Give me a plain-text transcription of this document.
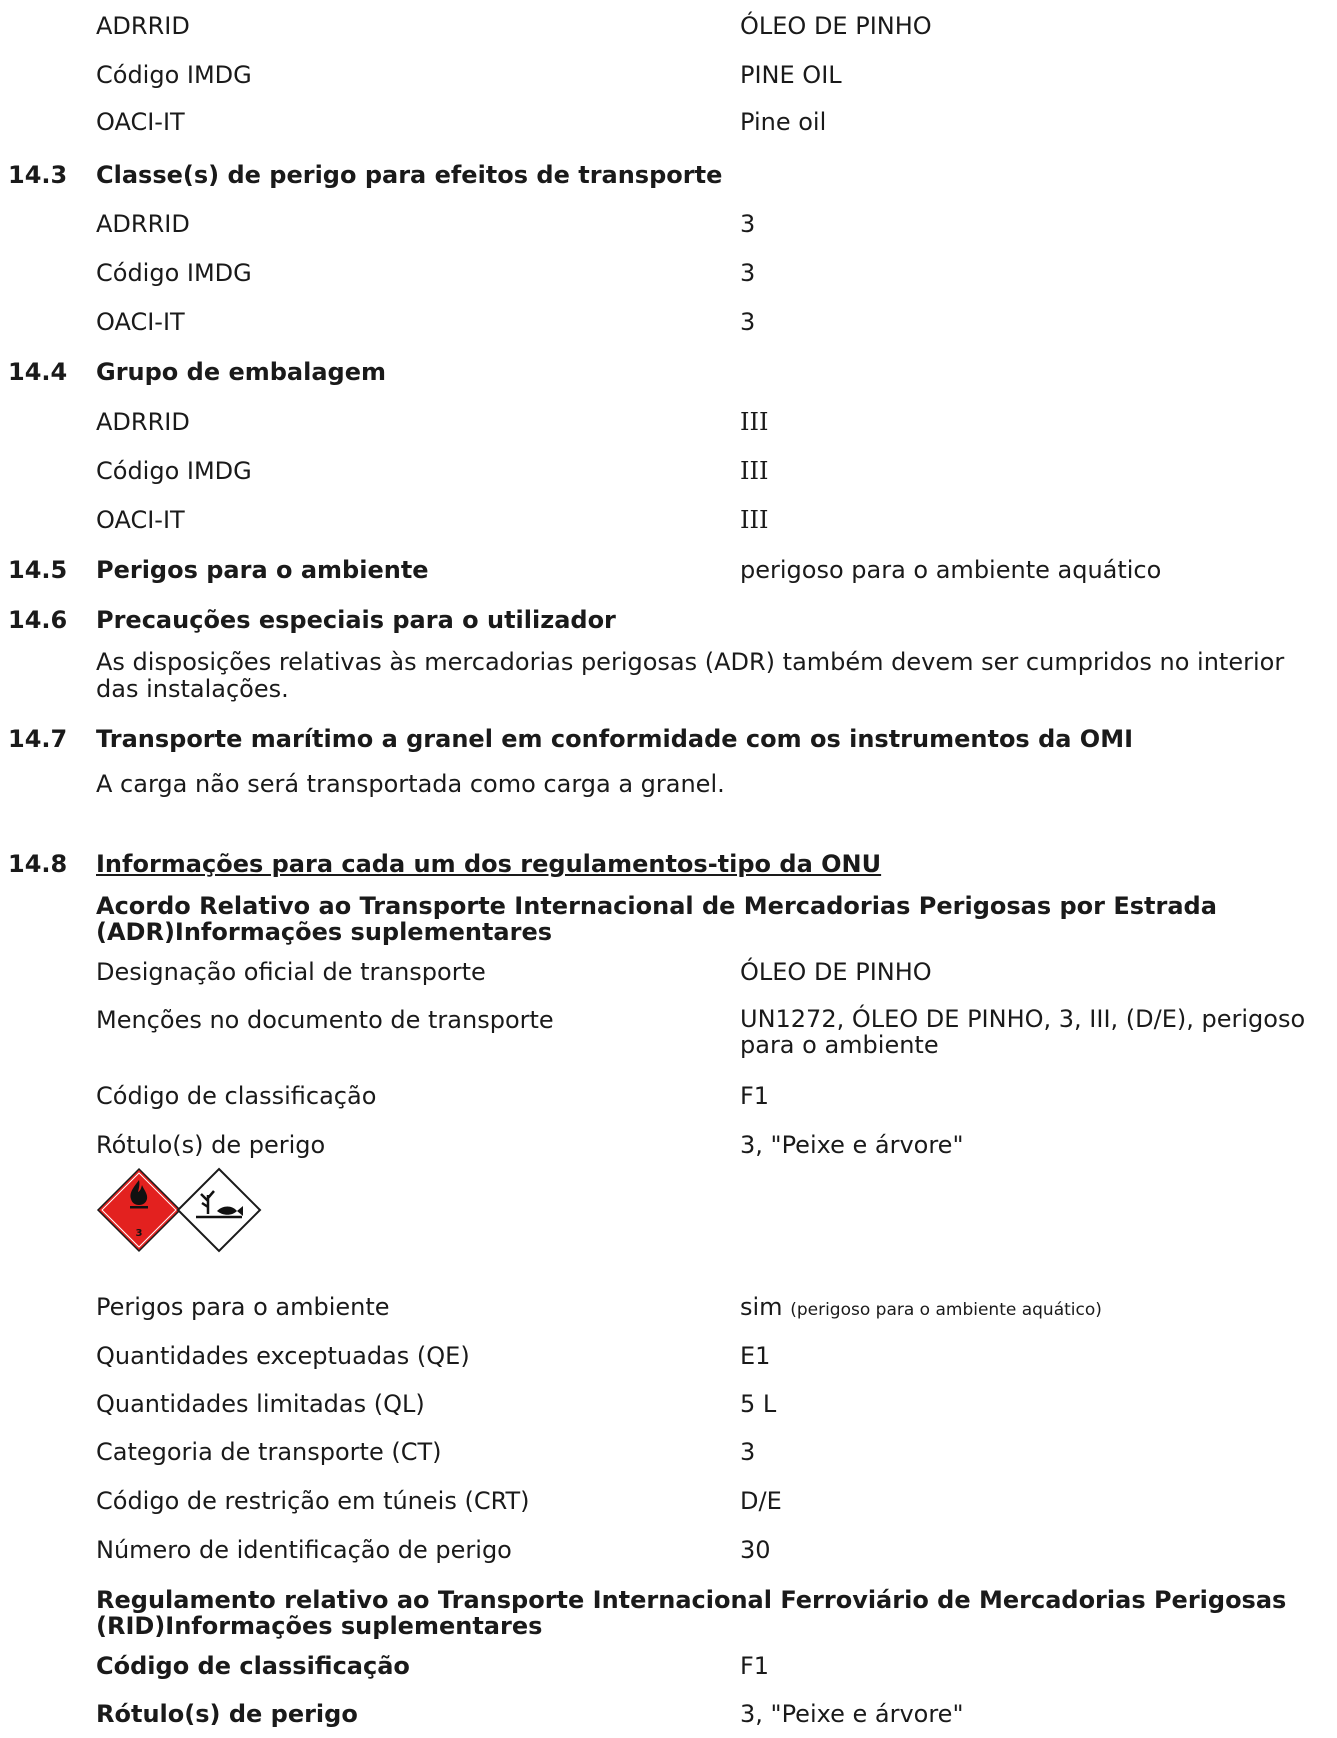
ADRRID	ÓLEO DE PINHO
Código IMDG	PINE OIL
OACI-IT	Pine oil
14.3 Classe(s) de perigo para efeitos de transporte
ADRRID	3
Código IMDG	3
OACI-IT	3
14.4 Grupo de embalagem
ADRRID	III
Código IMDG	III
OACI-IT	III
14.5 Perigos para o ambiente	perigoso para o ambiente aquático
14.6 Precauções especiais para o utilizador
As disposições relativas às mercadorias perigosas (ADR) também devem ser cumpridos no interior das instalações.
14.7 Transporte marítimo a granel em conformidade com os instrumentos da OMI
A carga não será transportada como carga a granel.
14.8 Informações para cada um dos regulamentos-tipo da ONU
Acordo Relativo ao Transporte Internacional de Mercadorias Perigosas por Estrada (ADR)Informações suplementares
Designação oficial de transporte	ÓLEO DE PINHO
Menções no documento de transporte	UN1272, ÓLEO DE PINHO, 3, III, (D/E), perigoso para o ambiente
Código de classificação	F1
Rótulo(s) de perigo	3, "Peixe e árvore"
3
Perigos para o ambiente	sim (perigoso para o ambiente aquático)
Quantidades exceptuadas (QE)	E1
Quantidades limitadas (QL)	5 L
Categoria de transporte (CT)	3
Código de restrição em túneis (CRT)	D/E
Número de identificação de perigo	30
Regulamento relativo ao Transporte Internacional Ferroviário de Mercadorias Perigosas (RID)Informações suplementares
Código de classificação	F1
Rótulo(s) de perigo	3, "Peixe e árvore"
